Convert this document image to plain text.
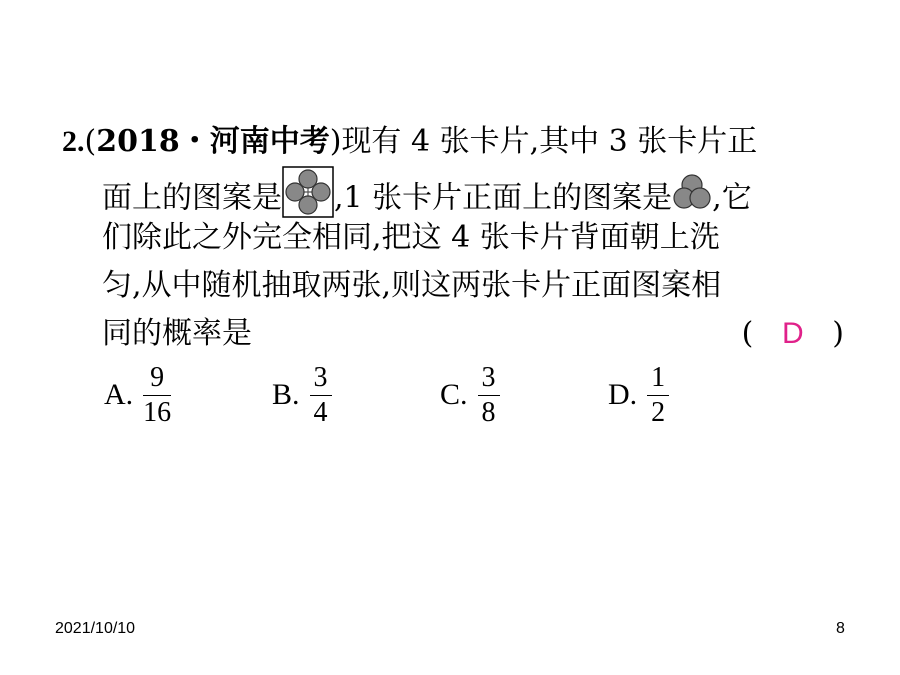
2.(2018・河南中考)现有 4 张卡片,其中 3 张卡片正
面上的图案是 ,1 张卡片正面上的图案是 ,它
们除此之外完全相同,把这 4 张卡片背面朝上洗
匀,从中随机抽取两张,则这两张卡片正面图案相
同的概率是	( D )
A. $\frac{9}{16}$	B. $\frac{3}{4}$	C. $\frac{3}{8}$	D. $\frac{1}{2}$
2021/10/10	8
